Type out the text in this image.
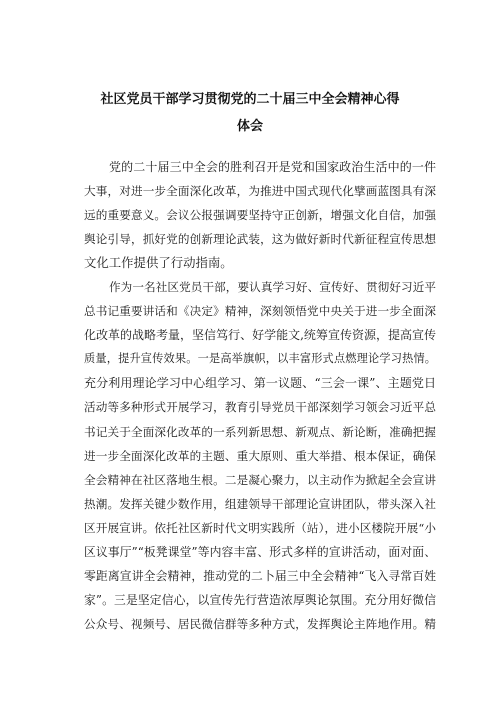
社区党员干部学习贯彻党的二十届三中全会精神心得
体会
党的二十届三中全会的胜利召开是党和国家政治生活中的一件
大事，对进一步全面深化改革，为推进中国式现代化擘画蓝图具有深
远的重要意义。会议公报强调要坚持守正创新，增强文化自信，加强
舆论引导，抓好党的创新理论武装，这为做好新时代新征程宣传思想
文化工作提供了行动指南。
作为一名社区党员干部，要认真学习好、宣传好、贯彻好习近平
总书记重要讲话和《决定》精神，深刻领悟党中央关于进一步全面深
化改革的战略考量，坚信笃行、好学能文,统筹宣传资源，提高宣传
质量，提升宣传效果。一是高举旗帜，以丰富形式点燃理论学习热情。
充分利用理论学习中心组学习、第一议题、“三会一课”、主题党日
活动等多种形式开展学习，教育引导党员干部深刻学习领会习近平总
书记关于全面深化改革的一系列新思想、新观点、新论断，准确把握
进一步全面深化改革的主题、重大原则、重大举措、根本保证，确保
全会精神在社区落地生根。二是凝心聚力，以主动作为掀起全会宣讲
热潮。发挥关键少数作用，组建领导干部理论宣讲团队，带头深入社
区开展宣讲。依托社区新时代文明实践所（站），进小区楼院开展“小
区议事厅”“板凳课堂”等内容丰富、形式多样的宣讲活动，面对面、
零距离宣讲全会精神，推动党的二卜届三中全会精神“飞入寻常百姓
家”。三是坚定信心，以宣传先行营造浓厚舆论氛围。充分用好微信
公众号、视频号、居民微信群等多种方式，发挥舆论主阵地作用。精
